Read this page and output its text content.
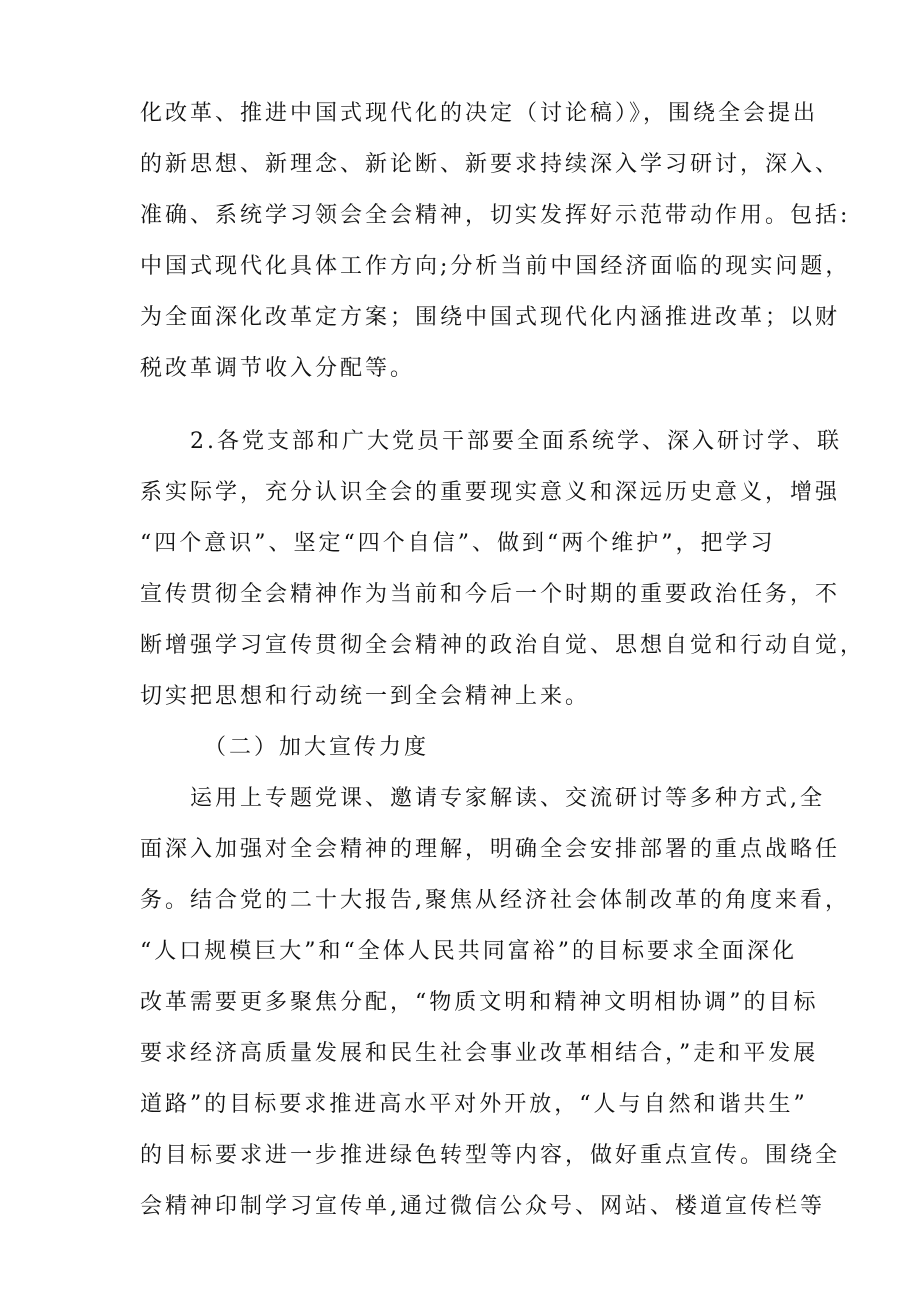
化改革、推进中国式现代化的决定（讨论稿）》，围绕全会提出
的新思想、新理念、新论断、新要求持续深入学习研讨，深入、
准确、系统学习领会全会精神，切实发挥好示范带动作用。包括:
中国式现代化具体工作方向;分析当前中国经济面临的现实问题，
为全面深化改革定方案；围绕中国式现代化内涵推进改革；以财
税改革调节收入分配等。
2.各党支部和广大党员干部要全面系统学、深入研讨学、联
系实际学，充分认识全会的重要现实意义和深远历史意义，增强
“四个意识”、坚定“四个自信”、做到“两个维护”，把学习
宣传贯彻全会精神作为当前和今后一个时期的重要政治任务，不
断增强学习宣传贯彻全会精神的政治自觉、思想自觉和行动自觉，
切实把思想和行动统一到全会精神上来。
（二）加大宣传力度
运用上专题党课、邀请专家解读、交流研讨等多种方式,全
面深入加强对全会精神的理解，明确全会安排部署的重点战略任
务。结合党的二十大报告,聚焦从经济社会体制改革的角度来看，
“人口规模巨大”和“全体人民共同富裕”的目标要求全面深化
改革需要更多聚焦分配，“物质文明和精神文明相协调”的目标
要求经济高质量发展和民生社会事业改革相结合，”走和平发展
道路”的目标要求推进高水平对外开放，“人与自然和谐共生”
的目标要求进一步推进绿色转型等内容，做好重点宣传。围绕全
会精神印制学习宣传单,通过微信公众号、网站、楼道宣传栏等
